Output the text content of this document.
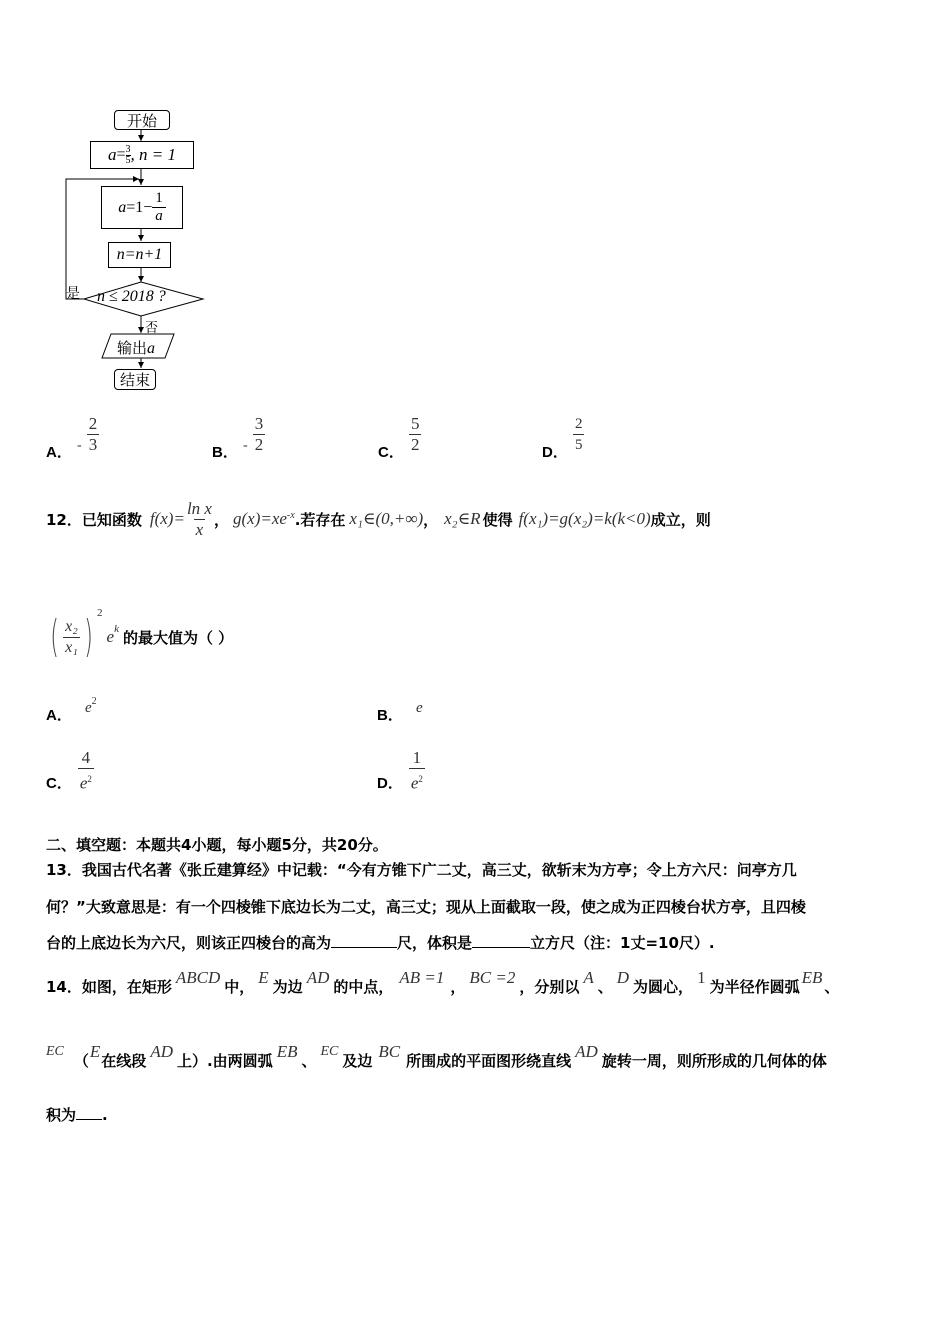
开始
$a = \frac{3}{5}$ , n = 1
$a =1- \frac{1}{a}$
n=n+1
n ≤ 2018 ?
是
否
输出a
结束
A． - $\frac{2}{3}$	B． - $\frac{3}{2}$	C． $\frac{5}{2}$	D． $\frac{2}{5}$
12．已知函数 $f(x)= \frac{\text{ln x}}{x}$ ， $g(x)=xe^{-x}$ .若存在 x₁∈(0,+∞) ， x₂∈R 使得 f(x₁)=g(x₂)=k(k<0) 成立，则
( $\frac{\text{x₂}}{\text{x₁}}$ ) 2
e k 的最大值为（ ）
A． $e^2$
B． e
C． $\frac{4}{e^2}$	D． $\frac{1}{e^2}$
二、填空题：本题共4小题，每小题5分，共20分。
13．我国古代名著《张丘建算经》中记载：“今有方锥下广二丈，高三丈，欲斩末为方亭；令上方六尺：问亭方几
何？”大致意思是：有一个四棱锥下底边长为二丈，高三丈；现从上面截取一段，使之成为正四棱台状方亭，且四棱
台的上底边长为六尺，则该正四棱台的高为	尺，体积是	立方尺（注：1丈=10尺）.
14．如图，在矩形 ABCD 中， E 为边 AD 的中点， AB =1 ， BC =2 ，分别以 A 、 D 为圆心， 1 为半径作圆弧 EB 、
EC （ E 在线段 AD 上）.由两圆弧 EB 、 EC 及边 BC 所围成的平面图形绕直线 AD 旋转一周，则所形成的几何体的体
积为 .
